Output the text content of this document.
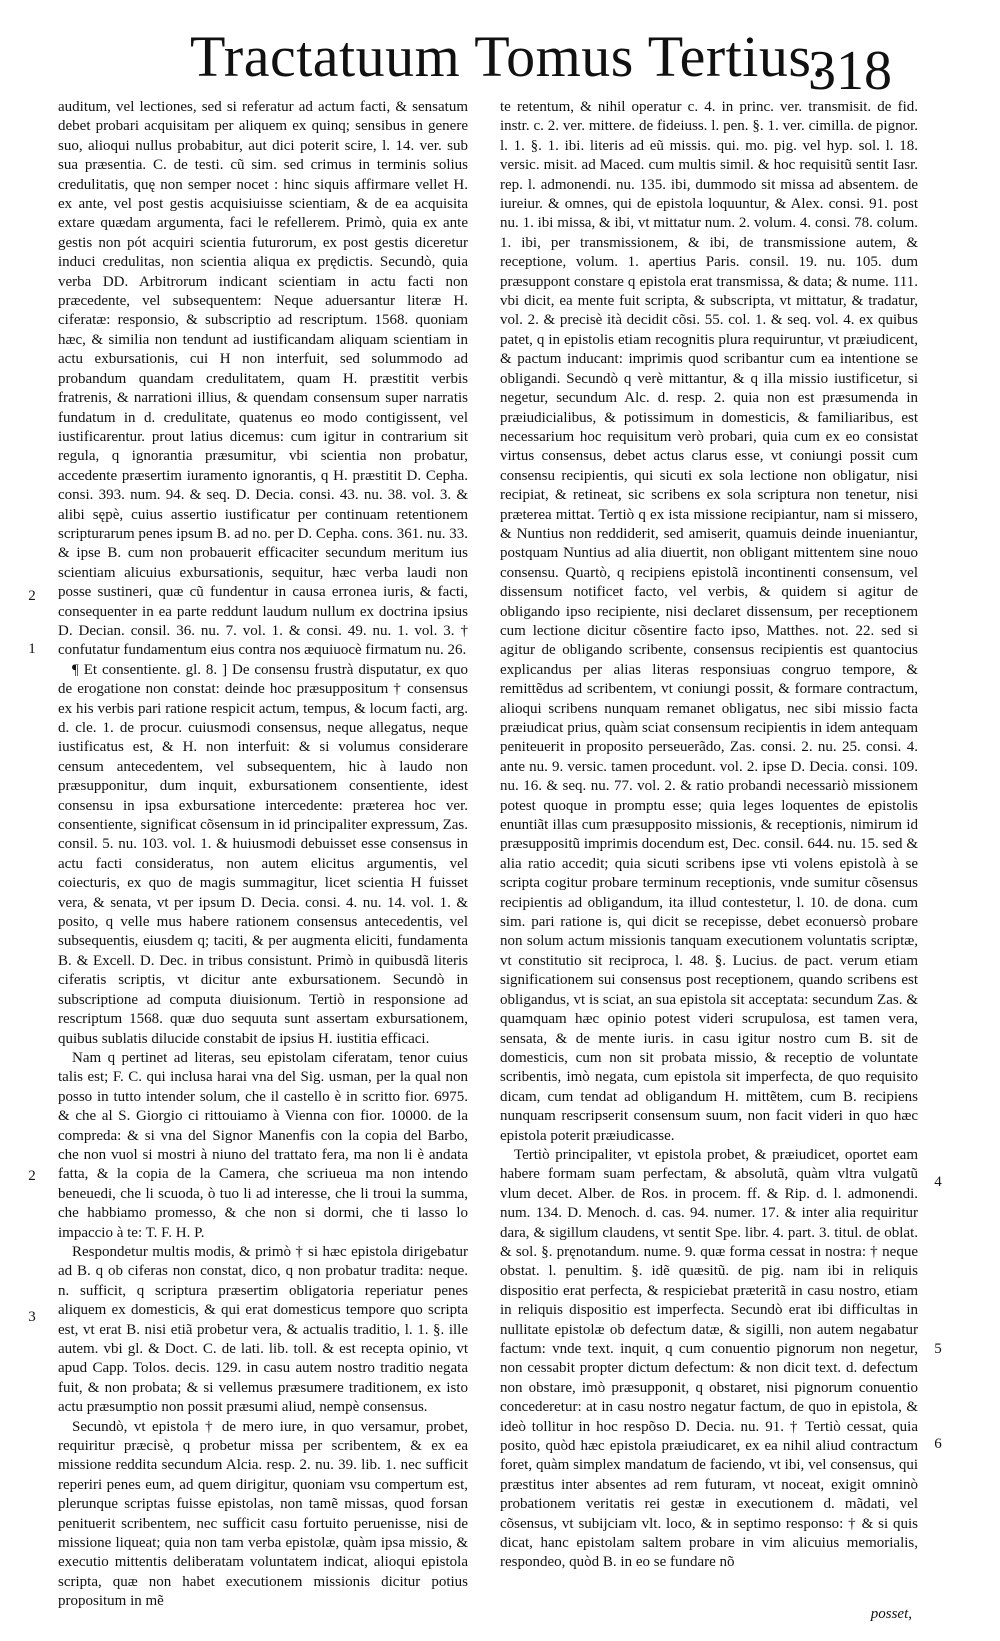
Tractatuum Tomus Tertius.
318

auditum, vel lectiones, sed si referatur ad actum facti, & sensatum debet probari acquisitam per aliquem ex quinq; sensibus in genere suo, alioqui nullus probabitur, aut dici poterit scire, l. 14. ver. sub sua præsentia. C. de testi. cũ sim. sed crimus in terminis solius credulitatis, quę non semper nocet : hinc siquis affirmare vellet H. ex ante, vel post gestis acquisiuisse scientiam, & de ea acquisita extare quædam argumenta, faci le refellerem. Primò, quia ex ante gestis non pót acquiri scientia futurorum, ex post gestis diceretur induci credulitas, non scientia aliqua ex prędictis. Secundò, quia verba DD. Arbitrorum indicant scientiam in actu facti non præcedente, vel subsequentem: Neque aduersantur literæ H. ciferatæ: responsio, & subscriptio ad rescriptum. 1568. quoniam hæc, & similia non tendunt ad iustificandam aliquam scientiam in actu exbursationis, cui H non interfuit, sed solummodo ad probandum quandam credulitatem, quam H. præstitit verbis fratrenis, & narrationi illius, & quendam consensum super narratis fundatum in d. credulitate, quatenus eo modo contigissent, vel iustificarentur. prout latius dicemus: cum igitur in contrarium sit regula, q ignorantia præsumitur, vbi scientia non probatur, accedente præsertim iuramento ignorantis, q H. præstitit D. Cepha. consi. 393. num. 94. & seq. D. Decia. consi. 43. nu. 38. vol. 3. & alibi sępè, cuius assertio iustificatur per continuam retentionem scripturarum penes ipsum B. ad no. per D. Cepha. cons. 361. nu. 33. & ipse B. cum non probauerit efficaciter secundum meritum ius scientiam alicuius exbursationis, sequitur, hæc verba laudi non posse sustineri, quæ cũ fundentur in causa erronea iuris, & facti, consequenter in ea parte reddunt laudum nullum ex doctrina ipsius D. Decian. consil. 36. nu. 7. vol. 1. & consi. 49. nu. 1. vol. 3. † confutatur fundamentum eius contra nos æquiuocè firmatum nu. 26.

¶ Et consentiente. gl. 8. ] De consensu frustrà disputatur, ex quo de erogatione non constat: deinde hoc præsuppositum † consensus ex his verbis pari ratione respicit actum, tempus, & locum facti, arg. d. cle. 1. de procur. cuiusmodi consensus, neque allegatus, neque iustificatus est, & H. non interfuit: & si volumus considerare censum antecedentem, vel subsequentem, hic à laudo non præsupponitur, dum inquit, exbursationem consentiente, idest consensu in ipsa exbursatione intercedente: præterea hoc ver. consentiente, significat cõsensum in id principaliter expressum, Zas. consil. 5. nu. 103. vol. 1. & huiusmodi debuisset esse consensus in actu facti consideratus, non autem elicitus argumentis, vel coiecturis, ex quo de magis summagitur, licet scientia H fuisset vera, & senata, vt per ipsum D. Decia. consi. 4. nu. 14. vol. 1. & posito, q velle mus habere rationem consensus antecedentis, vel subsequentis, eiusdem q; taciti, & per augmenta eliciti, fundamenta B. & Excell. D. Dec. in tribus consistunt. Primò in quibusdã literis ciferatis scriptis, vt dicitur ante exbursationem. Secundò in subscriptione ad computa diuisionum. Tertiò in responsione ad rescriptum 1568. quæ duo sequuta sunt assertam exbursationem, quibus sublatis dilucide constabit de ipsius H. iustitia efficaci.

Nam q pertinet ad literas, seu epistolam ciferatam, tenor cuius talis est; F. C. qui inclusa harai vna del Sig. usman, per la qual non posso in tutto intender solum, che il castello è in scritto fior. 6975. & che al S. Giorgio ci rittouiamo à Vienna con fior. 10000. de la compreda: & si vna del Signor Manenfis con la copia del Barbo, che non vuol si mostri à niuno del trattato fera, ma non li è andata fatta, & la copia de la Camera, che scriueua ma non intendo beneuedi, che li scuoda, ò tuo li ad interesse, che li troui la summa, che habbiamo promesso, & che non si dormi, che ti lasso lo impaccio à te: T. F. H. P.

Respondetur multis modis, & primò † si hæc epistola dirigebatur ad B. q ob ciferas non constat, dico, q non probatur tradita: neque. n. sufficit, q scriptura præsertim obligatoria reperiatur penes aliquem ex domesticis, & qui erat domesticus tempore quo scripta est, vt erat B. nisi etiã probetur vera, & actualis traditio, l. 1. §. ille autem. vbi gl. & Doct. C. de lati. lib. toll. & est recepta opinio, vt apud Capp. Tolos. decis. 129. in casu autem nostro traditio negata fuit, & non probata; & si vellemus præsumere traditionem, ex isto actu præsumptio non possit præsumi aliud, nempè consensus.

Secundò, vt epistola † de mero iure, in quo versamur, probet, requiritur præcisè, q probetur missa per scribentem, & ex ea missione reddita secundum Alcia. resp. 2. nu. 39. lib. 1. nec sufficit reperiri penes eum, ad quem dirigitur, quoniam vsu compertum est, plerunque scriptas fuisse epistolas, non tamẽ missas, quod forsan penituerit scribentem, nec sufficit casu fortuito peruenisse, nisi de missione liqueat; quia non tam verba epistolæ, quàm ipsa missio, & executio mittentis deliberatam voluntatem indicat, alioqui epistola scripta, quæ non habet executionem missionis dicitur potius propositum in mẽ

2
1
2
3

te retentum, & nihil operatur c. 4. in princ. ver. transmisit. de fid. instr. c. 2. ver. mittere. de fideiuss. l. pen. §. 1. ver. cimilla. de pignor. l. 1. §. 1. ibi. literis ad eũ missis. qui. mo. pig. vel hyp. sol. l. 18. versic. misit. ad Maced. cum multis simil. & hoc requisitũ sentit Iasr. rep. l. admonendi. nu. 135. ibi, dummodo sit missa ad absentem. de iureiur. & omnes, qui de epistola loquuntur, & Alex. consi. 91. post nu. 1. ibi missa, & ibi, vt mittatur num. 2. volum. 4. consi. 78. colum. 1. ibi, per transmissionem, & ibi, de transmissione autem, & receptione, volum. 1. apertius Paris. consil. 19. nu. 105. dum præsuppont constare q epistola erat transmissa, & data; & nume. 111. vbi dicit, ea mente fuit scripta, & subscripta, vt mittatur, & tradatur, vol. 2. & precisè ità decidit cõsi. 55. col. 1. & seq. vol. 4. ex quibus patet, q in epistolis etiam recognitis plura requiruntur, vt præiudicent, & pactum inducant: imprimis quod scribantur cum ea intentione se obligandi. Secundò q verè mittantur, & q illa missio iustificetur, si negetur, secundum Alc. d. resp. 2. quia non est præsumenda in præiudicialibus, & potissimum in domesticis, & familiaribus, est necessarium hoc requisitum verò probari, quia cum ex eo consistat virtus consensus, debet actus clarus esse, vt coniungi possit cum consensu recipientis, qui sicuti ex sola lectione non obligatur, nisi recipiat, & retineat, sic scribens ex sola scriptura non tenetur, nisi præterea mittat. Tertiò q ex ista missione recipiantur, nam si missero, & Nuntius non reddiderit, sed amiserit, quamuis deinde inueniantur, postquam Nuntius ad alia diuertit, non obligant mittentem sine nouo consensu. Quartò, q recipiens epistolã incontinenti consensum, vel dissensum notificet facto, vel verbis, & quidem si agitur de obligando ipso recipiente, nisi declaret dissensum, per receptionem cum lectione dicitur cõsentire facto ipso, Matthes. not. 22. sed si agitur de obligando scribente, consensus recipientis est quantocius explicandus per alias literas responsiuas congruo tempore, & remittẽdus ad scribentem, vt coniungi possit, & formare contractum, alioqui scribens nunquam remanet obligatus, nec sibi missio facta præiudicat prius, quàm sciat consensum recipientis in idem antequam peniteuerit in proposito perseuerãdo, Zas. consi. 2. nu. 25. consi. 4. ante nu. 9. versic. tamen procedunt. vol. 2. ipse D. Decia. consi. 109. nu. 16. & seq. nu. 77. vol. 2. & ratio probandi necessariò missionem potest quoque in promptu esse; quia leges loquentes de epistolis enuntiãt illas cum præsupposito missionis, & receptionis, nimirum id præsuppositũ imprimis docendum est, Dec. consil. 644. nu. 15. sed & alia ratio accedit; quia sicuti scribens ipse vti volens epistolà à se scripta cogitur probare terminum receptionis, vnde sumitur cõsensus recipientis ad obligandum, ita illud contestetur, l. 10. de dona. cum sim. pari ratione is, qui dicit se recepisse, debet econuersò probare non solum actum missionis tanquam executionem voluntatis scriptæ, vt constitutio sit reciproca, l. 48. §. Lucius. de pact. verum etiam significationem sui consensus post receptionem, quando scribens est obligandus, vt is sciat, an sua epistola sit acceptata: secundum Zas. & quamquam hæc opinio potest videri scrupulosa, est tamen vera, sensata, & de mente iuris. in casu igitur nostro cum B. sit de domesticis, cum non sit probata missio, & receptio de voluntate scribentis, imò negata, cum epistola sit imperfecta, de quo requisito dicam, cum tendat ad obligandum H. mittẽtem, cum B. recipiens nunquam rescripserit consensum suum, non facit videri in quo hæc epistola poterit præiudicasse.

Tertiò principaliter, vt epistola probet, & præiudicet, oportet eam habere formam suam perfectam, & absolutã, quàm vltra vulgatũ vlum decet. Alber. de Ros. in procem. ff. & Rip. d. l. admonendi. num. 134. D. Menoch. d. cas. 94. numer. 17. & inter alia requiritur dara, & sigillum claudens, vt sentit Spe. libr. 4. part. 3. titul. de oblat. & sol. §. pręnotandum. nume. 9. quæ forma cessat in nostra: † neque obstat. l. penultim. §. idẽ quæsitũ. de pig. nam ibi in reliquis dispositio erat perfecta, & respiciebat præteritã in casu nostro, etiam in reliquis dispositio est imperfecta. Secundò erat ibi difficultas in nullitate epistolæ ob defectum datæ, & sigilli, non autem negabatur factum: vnde text. inquit, q cum conuentio pignorum non negetur, non cessabit propter dictum defectum: & non dicit text. d. defectum non obstare, imò præsupponit, q obstaret, nisi pignorum conuentio concederetur: at in casu nostro negatur factum, de quo in epistola, & ideò tollitur in hoc respõso D. Decia. nu. 91. † Tertiò cessat, quia posito, quòd hæc epistola præiudicaret, ex ea nihil aliud contractum foret, quàm simplex mandatum de faciendo, vt ibi, vel consensus, qui præstitus inter absentes ad rem futuram, vt noceat, exigit omninò probationem veritatis rei gestæ in executionem d. mãdati, vel cõsensus, vt subijciam vlt. loco, & in septimo responso: † & si quis dicat, hanc epistolam saltem probare in vim alicuius memorialis, respondeo, quòd B. in eo se fundare nõ

4
5
6
posset,
